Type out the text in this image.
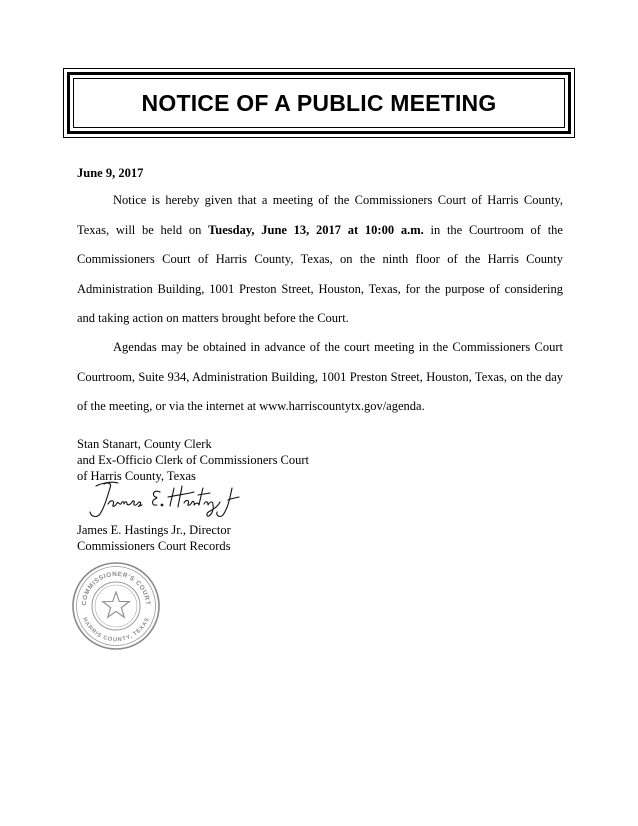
NOTICE OF A PUBLIC MEETING
June 9, 2017

Notice is hereby given that a meeting of the Commissioners Court of Harris County, Texas, will be held on Tuesday, June 13, 2017 at 10:00 a.m. in the Courtroom of the Commissioners Court of Harris County, Texas, on the ninth floor of the Harris County Administration Building, 1001 Preston Street, Houston, Texas, for the purpose of considering and taking action on matters brought before the Court.

Agendas may be obtained in advance of the court meeting in the Commissioners Court Courtroom, Suite 934, Administration Building, 1001 Preston Street, Houston, Texas, on the day of the meeting, or via the internet at www.harriscountytx.gov/agenda.

Stan Stanart, County Clerk
and Ex-Officio Clerk of Commissioners Court
of Harris County, Texas
James E. Hastings Jr., Director
Commissioners Court Records
COMMISSIONER'S COURT
HARRIS COUNTY, TEXAS
